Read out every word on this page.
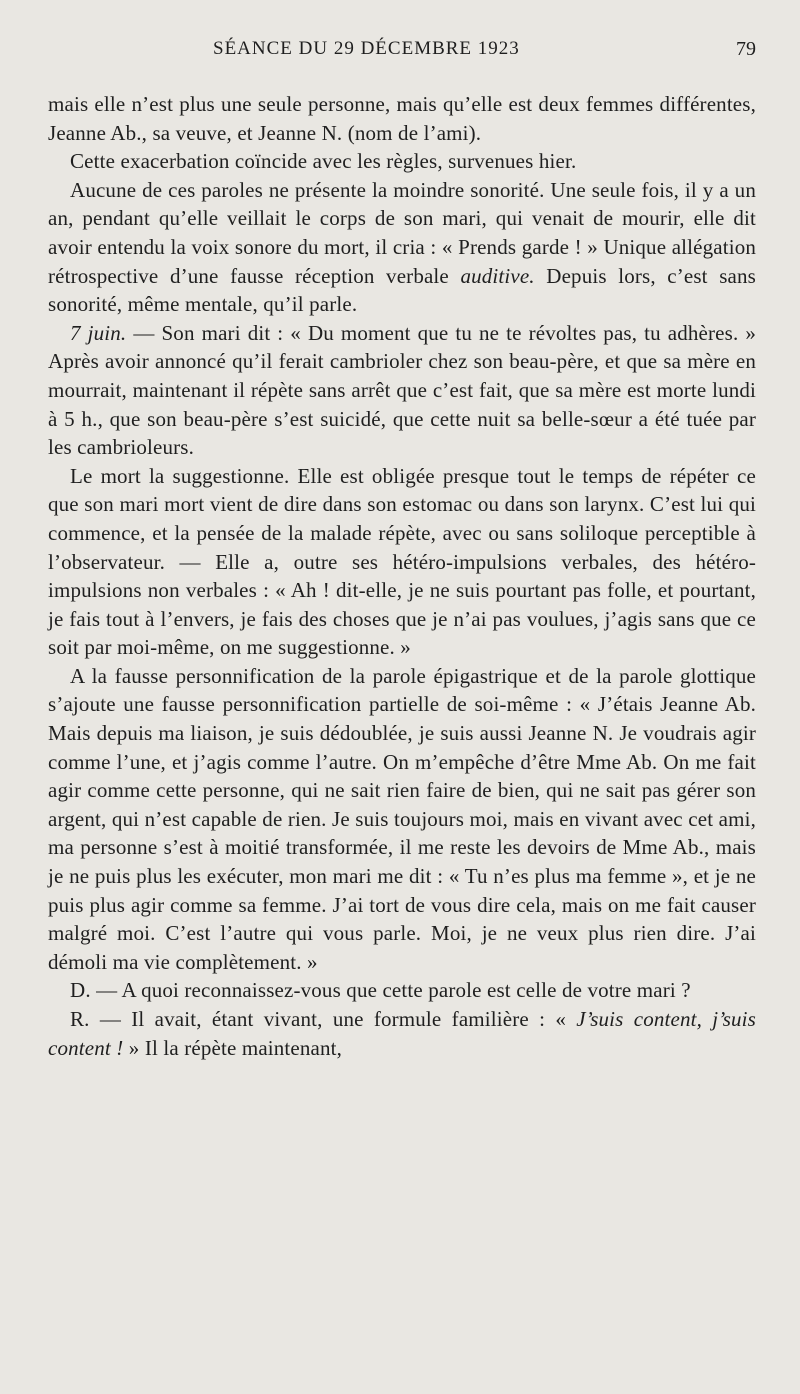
SÉANCE DU 29 DÉCEMBRE 1923	79

mais elle n’est plus une seule personne, mais qu’elle est deux femmes différentes, Jeanne Ab., sa veuve, et Jeanne N. (nom de l’ami).

Cette exacerbation coïncide avec les règles, survenues hier.

Aucune de ces paroles ne présente la moindre sonorité. Une seule fois, il y a un an, pendant qu’elle veillait le corps de son mari, qui venait de mourir, elle dit avoir entendu la voix sonore du mort, il cria : « Prends garde ! » Unique allégation rétrospective d’une fausse réception verbale auditive. Depuis lors, c’est sans sonorité, même mentale, qu’il parle.

7 juin. — Son mari dit : « Du moment que tu ne te révoltes pas, tu adhères. » Après avoir annoncé qu’il ferait cambrioler chez son beau-père, et que sa mère en mourrait, maintenant il répète sans arrêt que c’est fait, que sa mère est morte lundi à 5 h., que son beau-père s’est suicidé, que cette nuit sa belle-sœur a été tuée par les cambrioleurs.

Le mort la suggestionne. Elle est obligée presque tout le temps de répéter ce que son mari mort vient de dire dans son estomac ou dans son larynx. C’est lui qui commence, et la pensée de la malade répète, avec ou sans soliloque perceptible à l’observateur. — Elle a, outre ses hétéro-impulsions verbales, des hétéro-impulsions non verbales : « Ah ! dit-elle, je ne suis pourtant pas folle, et pourtant, je fais tout à l’envers, je fais des choses que je n’ai pas voulues, j’agis sans que ce soit par moi-même, on me suggestionne. »

A la fausse personnification de la parole épigastrique et de la parole glottique s’ajoute une fausse personnification partielle de soi-même : « J’étais Jeanne Ab. Mais depuis ma liaison, je suis dédoublée, je suis aussi Jeanne N. Je voudrais agir comme l’une, et j’agis comme l’autre. On m’empêche d’être Mme Ab. On me fait agir comme cette personne, qui ne sait rien faire de bien, qui ne sait pas gérer son argent, qui n’est capable de rien. Je suis toujours moi, mais en vivant avec cet ami, ma personne s’est à moitié transformée, il me reste les devoirs de Mme Ab., mais je ne puis plus les exécuter, mon mari me dit : « Tu n’es plus ma femme », et je ne puis plus agir comme sa femme. J’ai tort de vous dire cela, mais on me fait causer malgré moi. C’est l’autre qui vous parle. Moi, je ne veux plus rien dire. J’ai démoli ma vie complètement. »

D. — A quoi reconnaissez-vous que cette parole est celle de votre mari ?

R. — Il avait, étant vivant, une formule familière : « J’suis content, j’suis content ! » Il la répète maintenant,
